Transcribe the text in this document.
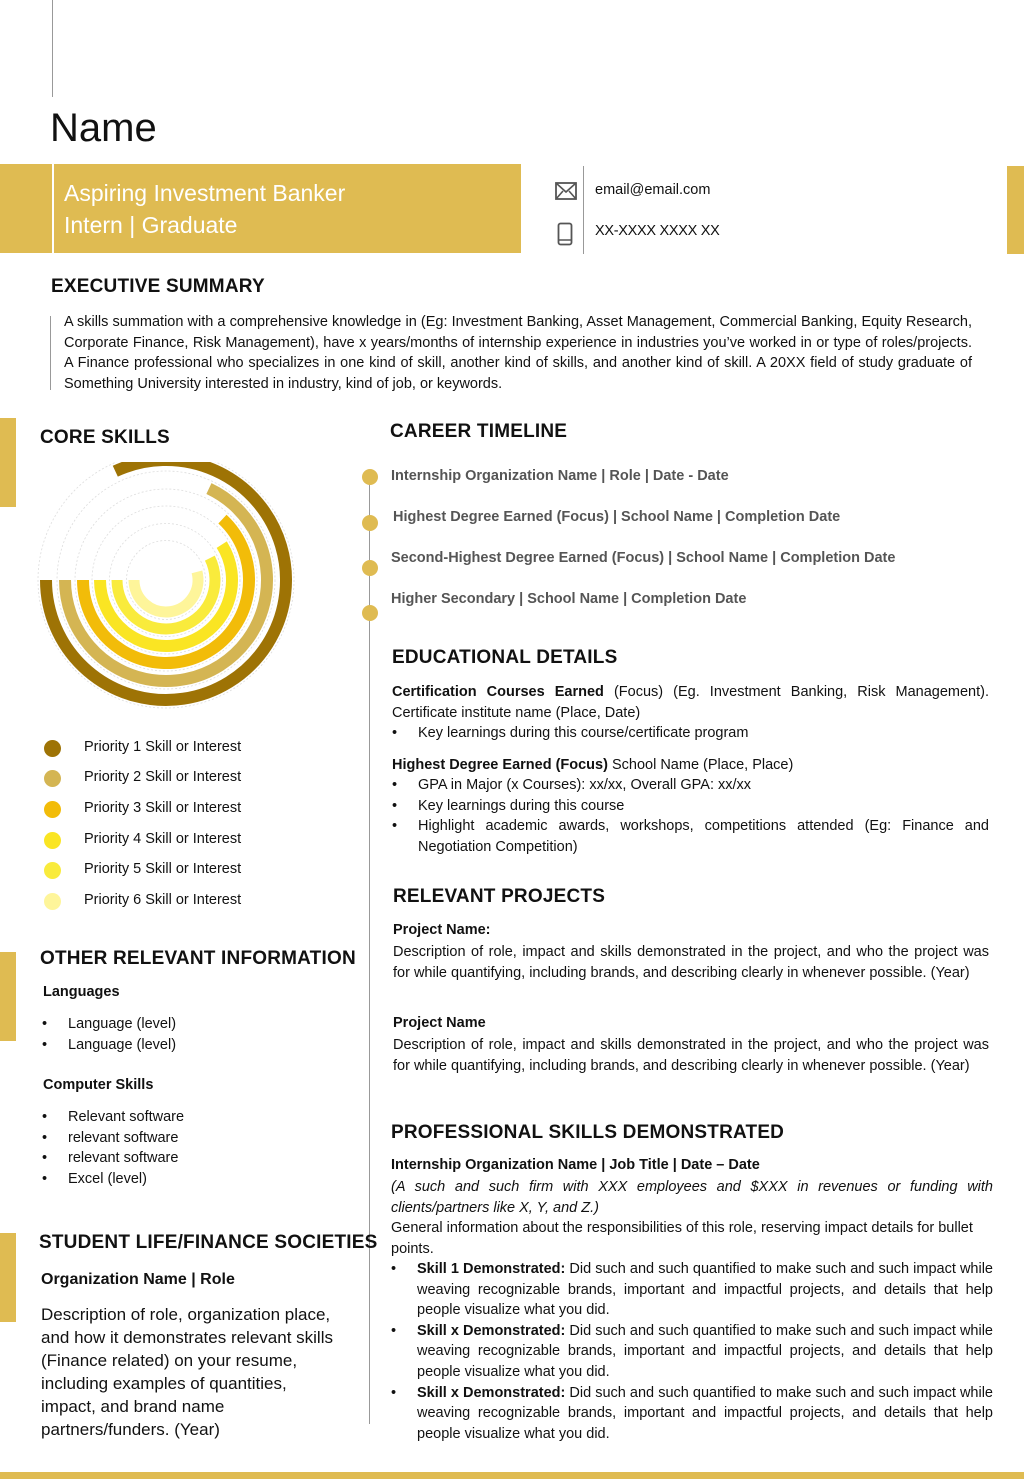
Name
Aspiring Investment Banker
Intern | Graduate
email@email.com
XX-XXXX XXXX XX
EXECUTIVE SUMMARY
A skills summation with a comprehensive knowledge in (Eg: Investment Banking, Asset Management, Commercial Banking, Equity Research, Corporate Finance, Risk Management), have x years/months of internship experience in industries you’ve worked in or type of roles/projects. A Finance professional who specializes in one kind of skill, another kind of skills, and another kind of skill. A 20XX field of study graduate of Something University interested in industry, kind of job, or keywords.
CORE SKILLS
Priority 1 Skill or Interest
Priority 2 Skill or Interest
Priority 3 Skill or Interest
Priority 4 Skill or Interest
Priority 5 Skill or Interest
Priority 6 Skill or Interest
OTHER RELEVANT INFORMATION
Languages
• Language (level)
• Language (level)
Computer Skills
• Relevant software
• relevant software
• relevant software
• Excel (level)
STUDENT LIFE/FINANCE SOCIETIES
Organization Name | Role
Description of role, organization place, and how it demonstrates relevant skills (Finance related) on your resume, including examples of quantities, impact, and brand name partners/funders. (Year)
CAREER TIMELINE
Internship Organization Name | Role | Date - Date
Highest Degree Earned (Focus) | School Name | Completion Date
Second-Highest Degree Earned (Focus) | School Name | Completion Date
Higher Secondary | School Name | Completion Date
EDUCATIONAL DETAILS
Certification Courses Earned (Focus) (Eg. Investment Banking, Risk Management). Certificate institute name (Place, Date)
• Key learnings during this course/certificate program
Highest Degree Earned (Focus) School Name (Place, Place)
• GPA in Major (x Courses): xx/xx, Overall GPA: xx/xx
• Key learnings during this course
• Highlight academic awards, workshops, competitions attended (Eg: Finance and Negotiation Competition)
RELEVANT PROJECTS
Project Name:
Description of role, impact and skills demonstrated in the project, and who the project was for while quantifying, including brands, and describing clearly in whenever possible. (Year)
Project Name
Description of role, impact and skills demonstrated in the project, and who the project was for while quantifying, including brands, and describing clearly in whenever possible. (Year)
PROFESSIONAL SKILLS DEMONSTRATED
Internship Organization Name | Job Title | Date – Date
(A such and such firm with XXX employees and $XXX in revenues or funding with clients/partners like X, Y, and Z.)
General information about the responsibilities of this role, reserving impact details for bullet points.
• Skill 1 Demonstrated: Did such and such quantified to make such and such impact while weaving recognizable brands, important and impactful projects, and details that help people visualize what you did.
• Skill x Demonstrated: Did such and such quantified to make such and such impact while weaving recognizable brands, important and impactful projects, and details that help people visualize what you did.
• Skill x Demonstrated: Did such and such quantified to make such and such impact while weaving recognizable brands, important and impactful projects, and details that help people visualize what you did.
